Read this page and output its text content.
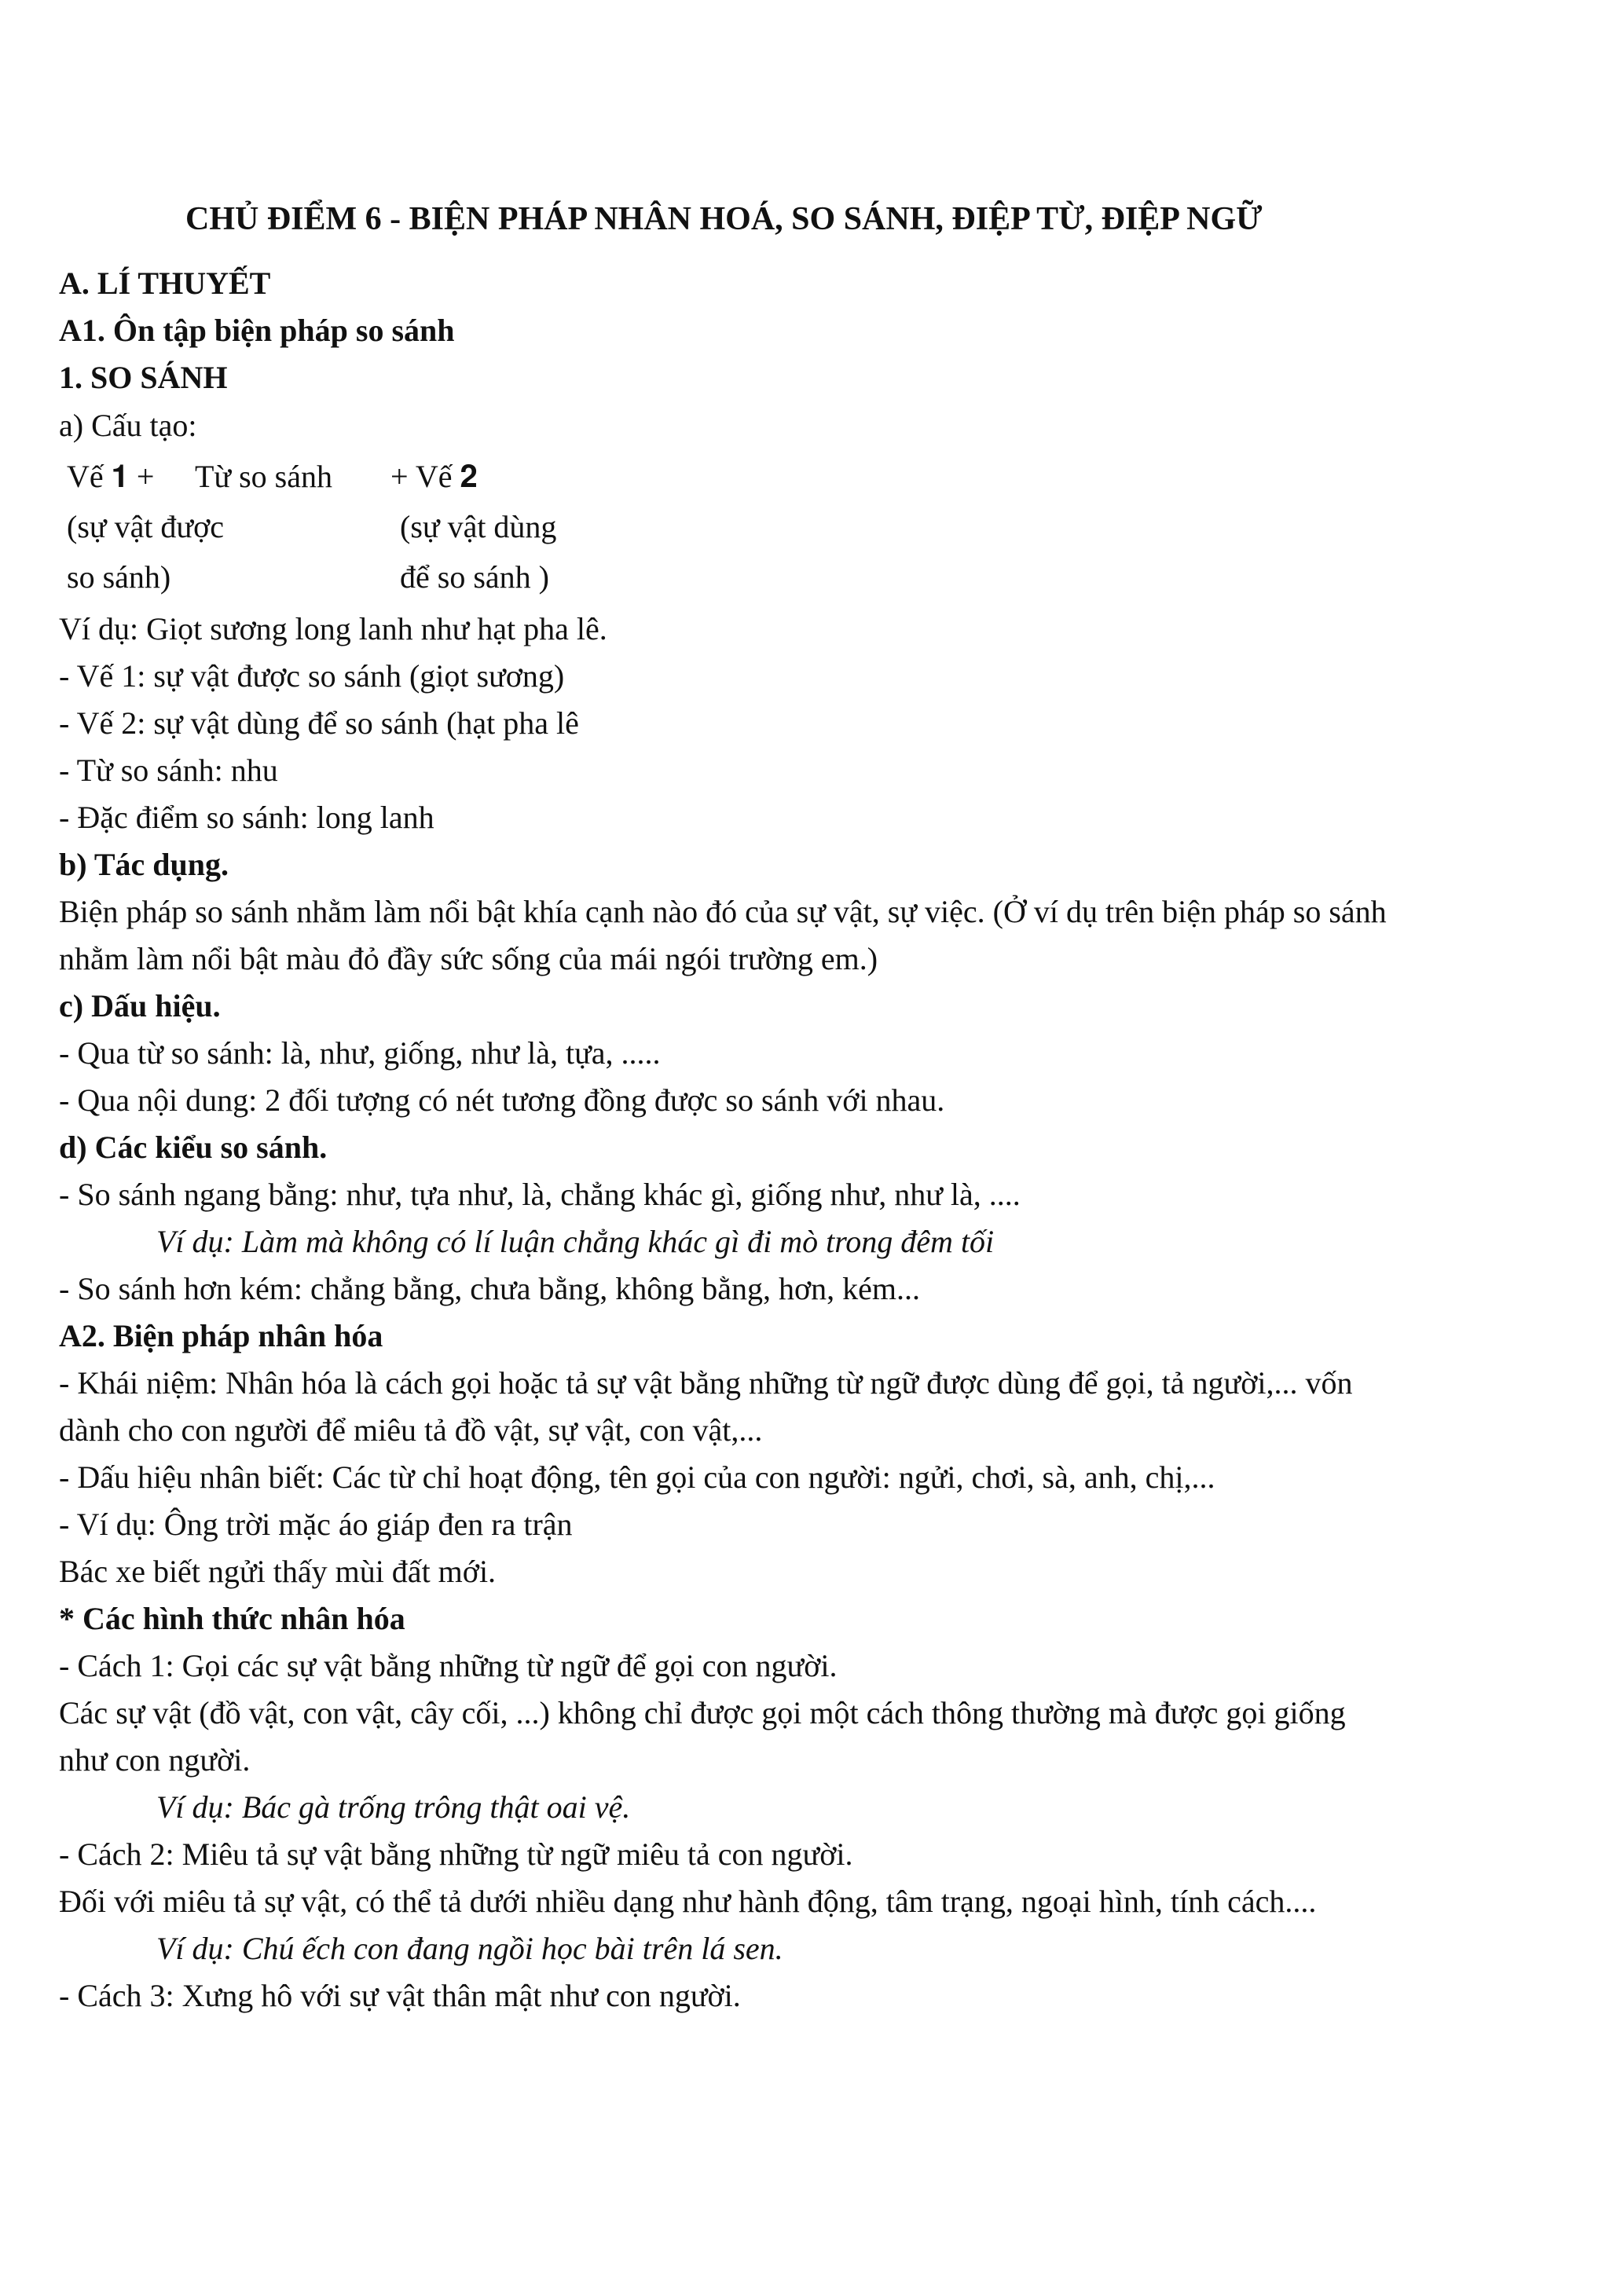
CHỦ ĐIỂM 6 - BIỆN PHÁP NHÂN HOÁ, SO SÁNH, ĐIỆP TỪ, ĐIỆP NGỮ
A. LÍ THUYẾT
A1. Ôn tập biện pháp so sánh
1. SO SÁNH
a) Cấu tạo:
Vế 𝟏 + Từ so sánh + Vế 𝟐
(sự vật được	(sự vật dùng
so sánh)	để so sánh )
Ví dụ: Giọt sương long lanh như hạt pha lê.
- Vế 1: sự vật được so sánh (giọt sương)
- Vế 2: sự vật dùng để so sánh (hạt pha lê
- Từ so sánh: nhu
- Đặc điểm so sánh: long lanh
b) Tác dụng.
Biện pháp so sánh nhằm làm nổi bật khía cạnh nào đó của sự vật, sự việc. (Ở ví dụ trên biện pháp so sánh
nhằm làm nổi bật màu đỏ đầy sức sống của mái ngói trường em.)
c) Dấu hiệu.
- Qua từ so sánh: là, như, giống, như là, tựa, .....
- Qua nội dung: 2 đối tượng có nét tương đồng được so sánh với nhau.
d) Các kiểu so sánh.
- So sánh ngang bằng: như, tựa như, là, chẳng khác gì, giống như, như là, ....
Ví dụ: Làm mà không có lí luận chẳng khác gì đi mò trong đêm tối
- So sánh hơn kém: chẳng bằng, chưa bằng, không bằng, hơn, kém...
A2. Biện pháp nhân hóa
- Khái niệm: Nhân hóa là cách gọi hoặc tả sự vật bằng những từ ngữ được dùng để gọi, tả người,... vốn
dành cho con người để miêu tả đồ vật, sự vật, con vật,...
- Dấu hiệu nhân biết: Các từ chỉ hoạt động, tên gọi của con người: ngửi, chơi, sà, anh, chị,...
- Ví dụ: Ông trời mặc áo giáp đen ra trận
Bác xe biết ngửi thấy mùi đất mới.
* Các hình thức nhân hóa
- Cách 1: Gọi các sự vật bằng những từ ngữ để gọi con người.
Các sự vật (đồ vật, con vật, cây cối, ...) không chỉ được gọi một cách thông thường mà được gọi giống
như con người.
Ví dụ: Bác gà trống trông thật oai vệ.
- Cách 2: Miêu tả sự vật bằng những từ ngữ miêu tả con người.
Đối với miêu tả sự vật, có thể tả dưới nhiều dạng như hành động, tâm trạng, ngoại hình, tính cách....
Ví dụ: Chú ếch con đang ngồi học bài trên lá sen.
- Cách 3: Xưng hô với sự vật thân mật như con người.
